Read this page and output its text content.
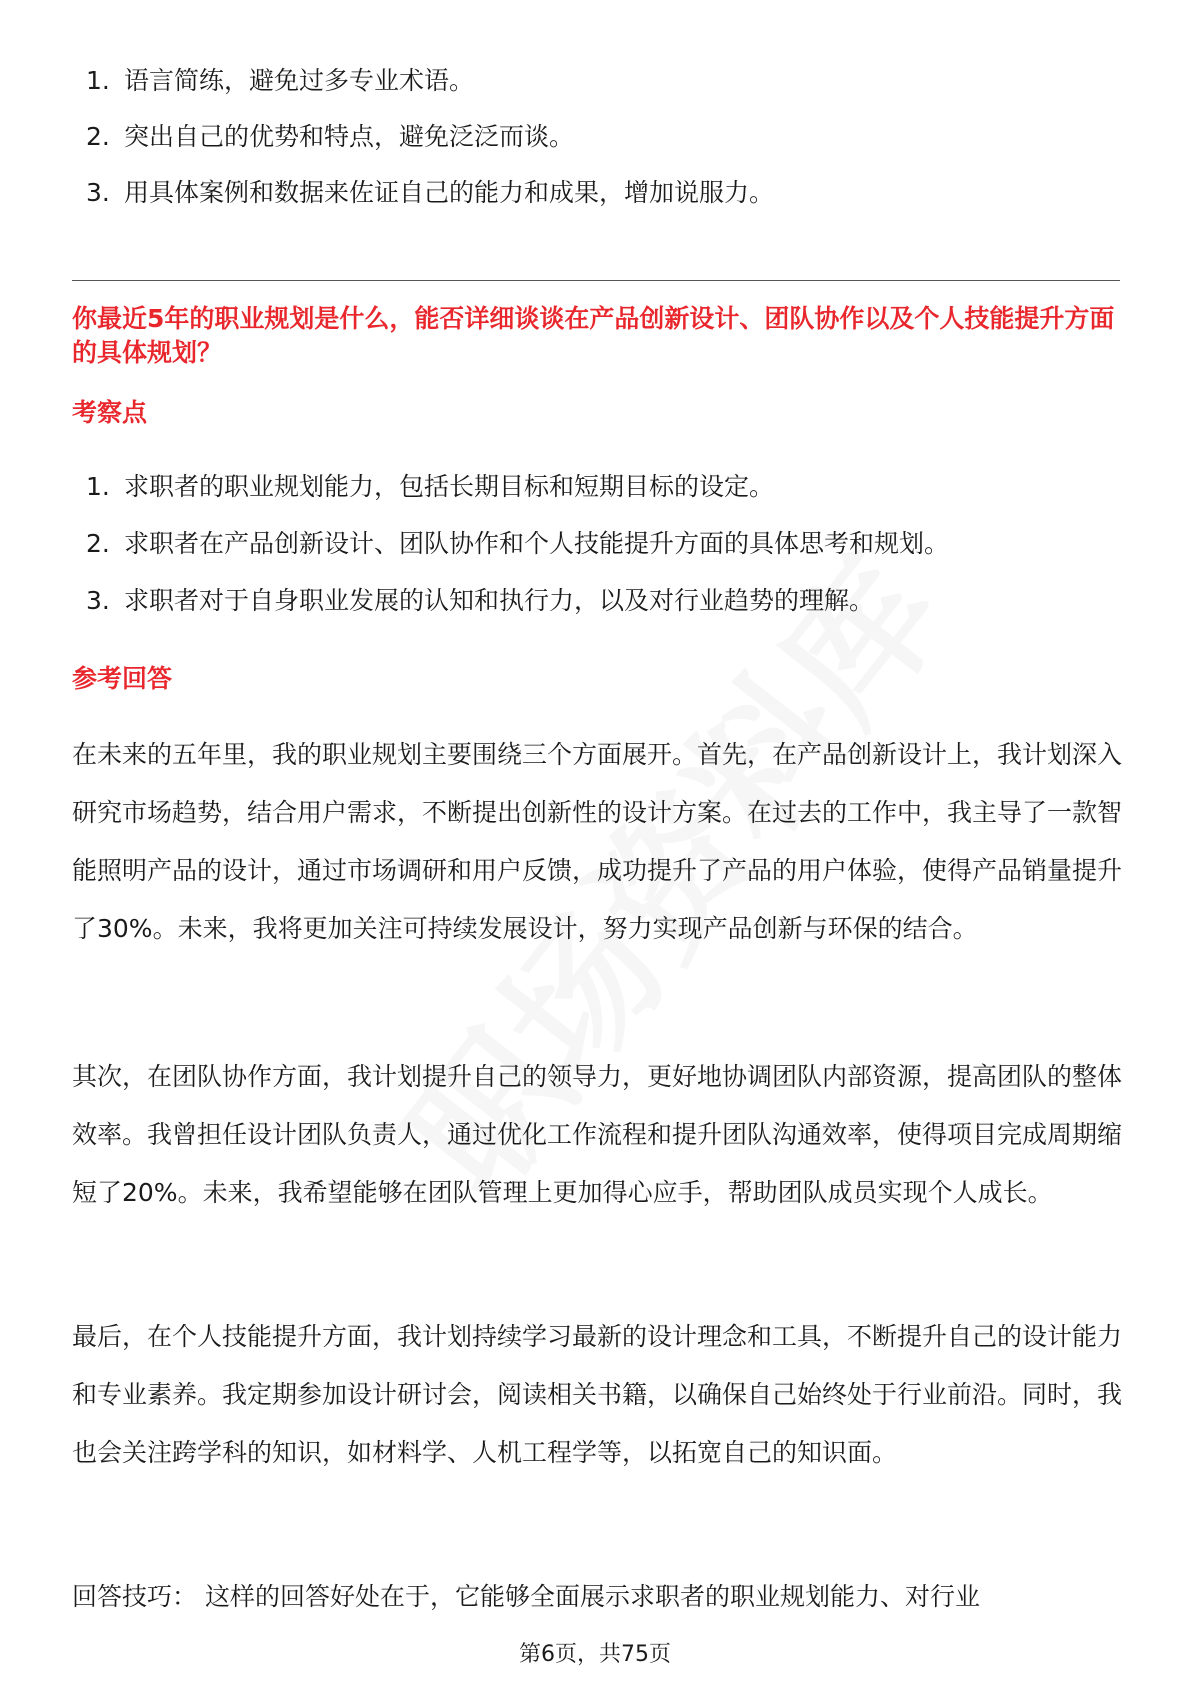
1. 语言简练，避免过多专业术语。
2. 突出自己的优势和特点，避免泛泛而谈。
3. 用具体案例和数据来佐证自己的能力和成果，增加说服力。

你最近5年的职业规划是什么，能否详细谈谈在产品创新设计、团队协作以及个人技能提升方面的具体规划？

考察点

1. 求职者的职业规划能力，包括长期目标和短期目标的设定。
2. 求职者在产品创新设计、团队协作和个人技能提升方面的具体思考和规划。
3. 求职者对于自身职业发展的认知和执行力，以及对行业趋势的理解。

参考回答

在未来的五年里，我的职业规划主要围绕三个方面展开。首先，在产品创新设计上，我计划深入研究市场趋势，结合用户需求，不断提出创新性的设计方案。在过去的工作中，我主导了一款智能照明产品的设计，通过市场调研和用户反馈，成功提升了产品的用户体验，使得产品销量提升了30%。未来，我将更加关注可持续发展设计，努力实现产品创新与环保的结合。

其次，在团队协作方面，我计划提升自己的领导力，更好地协调团队内部资源，提高团队的整体效率。我曾担任设计团队负责人，通过优化工作流程和提升团队沟通效率，使得项目完成周期缩短了20%。未来，我希望能够在团队管理上更加得心应手，帮助团队成员实现个人成长。

最后，在个人技能提升方面，我计划持续学习最新的设计理念和工具，不断提升自己的设计能力和专业素养。我定期参加设计研讨会，阅读相关书籍，以确保自己始终处于行业前沿。同时，我也会关注跨学科的知识，如材料学、人机工程学等，以拓宽自己的知识面。

回答技巧： 这样的回答好处在于，它能够全面展示求职者的职业规划能力、对行业

第6页，共75页
